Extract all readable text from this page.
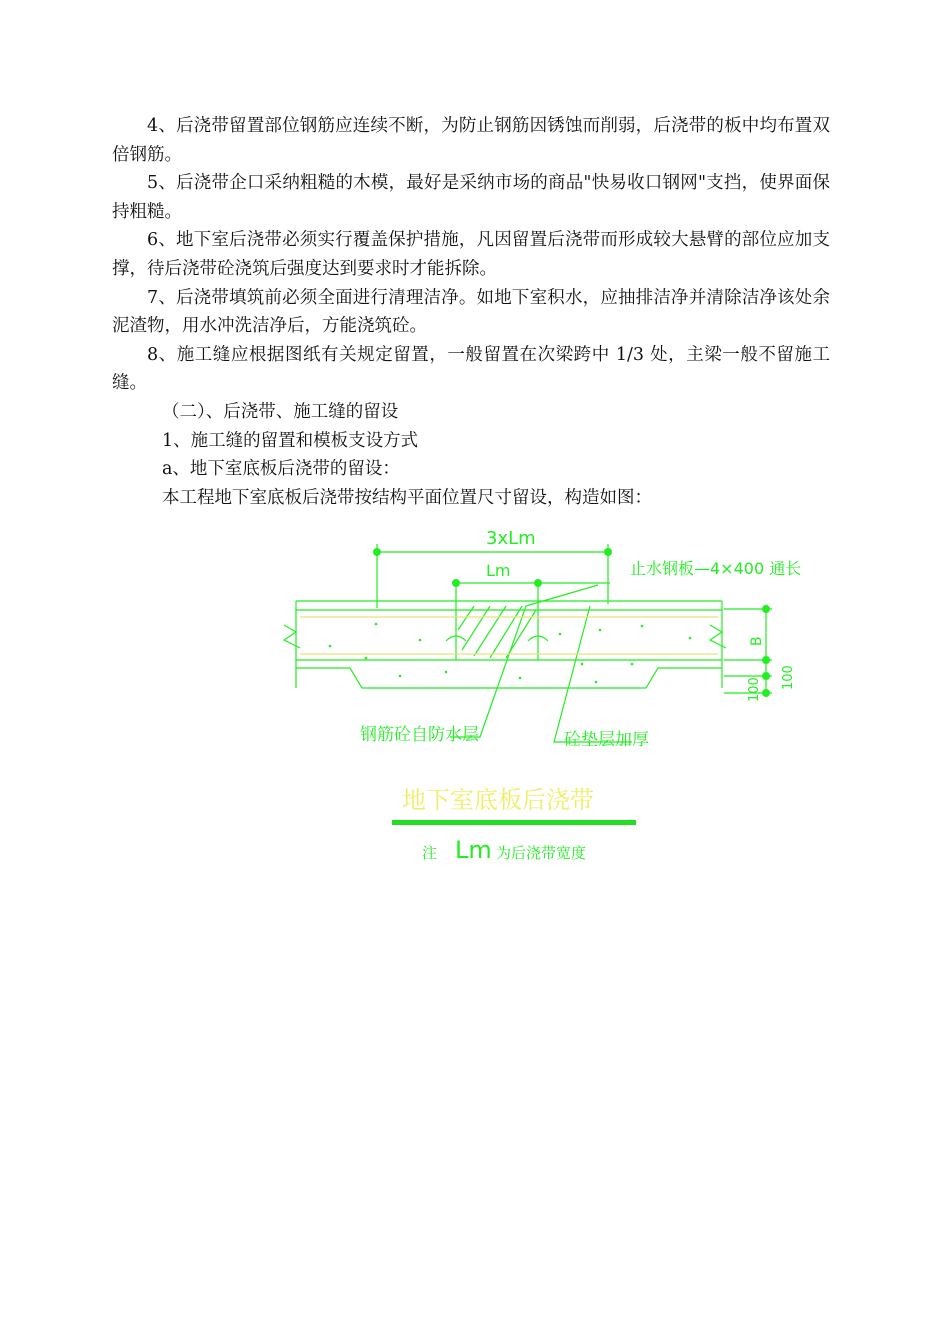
4、后浇带留置部位钢筋应连续不断，为防止钢筋因锈蚀而削弱，后浇带的板中均布置双倍钢筋。

5、后浇带企口采纳粗糙的木模，最好是采纳市场的商品"快易收口钢网"支挡，使界面保持粗糙。

6、地下室后浇带必须实行覆盖保护措施，凡因留置后浇带而形成较大悬臂的部位应加支撑，待后浇带砼浇筑后强度达到要求时才能拆除。

7、后浇带填筑前必须全面进行清理洁净。如地下室积水，应抽排洁净并清除洁净该处余泥渣物，用水冲洗洁净后，方能浇筑砼。

8、施工缝应根据图纸有关规定留置，一般留置在次梁跨中 1/3 处，主梁一般不留施工缝。

（二）、后浇带、施工缝的留设

1、施工缝的留置和模板支设方式

a、地下室底板后浇带的留设：

本工程地下室底板后浇带按结构平面位置尺寸留设，构造如图：

3xLm
Lm	止水钢板—4×400 通长
B
100
100
钢筋砼自防水层	砼垫层加厚
注 Lm 为后浇带宽度
地下室底板后浇带
